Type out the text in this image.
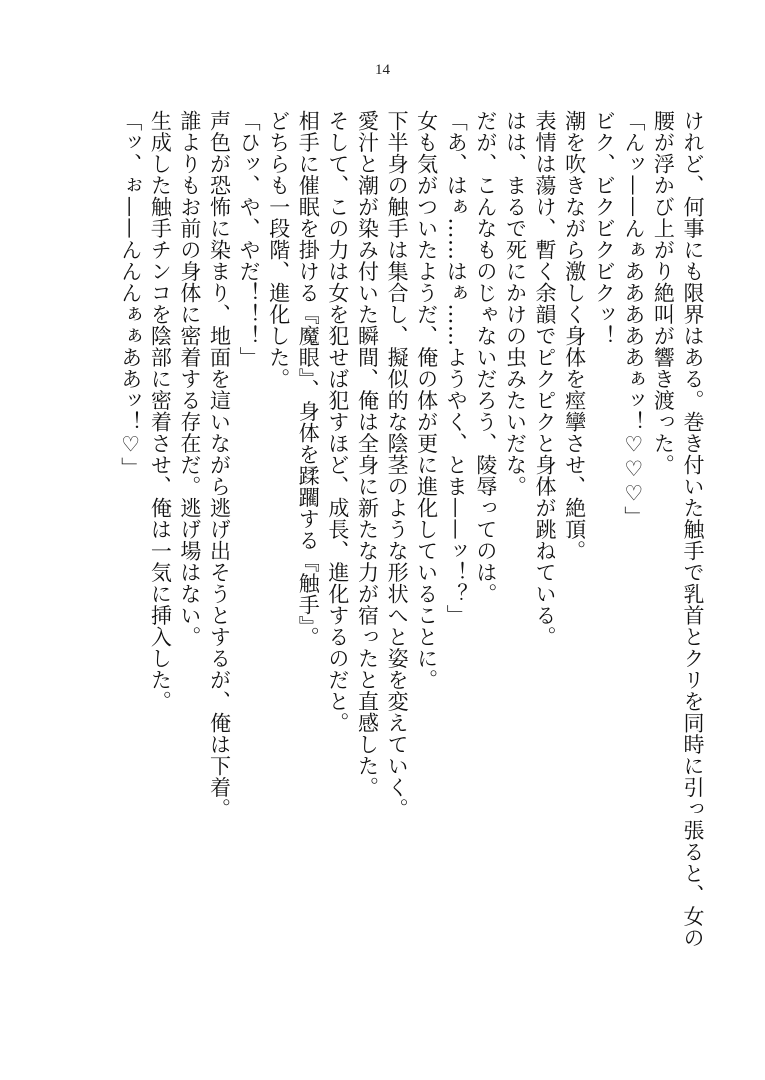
14
けれど、何事にも限界はある。巻き付いた触手で乳首とクリを同時に引っ張ると、女の
腰が浮かび上がり絶叫が響き渡った。
「んッ——んぁあああああぁッ！♡♡♡」
ビク、ビクビクビクッ！
潮を吹きながら激しく身体を痙攣させ、絶頂。
表情は蕩け、暫く余韻でピクピクと身体が跳ねている。
はは、まるで死にかけの虫みたいだな。
だが、こんなものじゃないだろう、陵辱ってのは。
「あ、はぁ……はぁ……ようやく、とま——ッ！？」
女も気がついたようだ、俺の体が更に進化していることに。
下半身の触手は集合し、擬似的な陰茎のような形状へと姿を変えていく。
愛汁と潮が染み付いた瞬間、俺は全身に新たな力が宿ったと直感した。
そして、この力は女を犯せば犯すほど、成長、進化するのだと。
相手に催眠を掛ける『魔眼』、身体を蹂躙する『触手』。
どちらも一段階、進化した。
「ひッ、や、やだ！！！」
声色が恐怖に染まり、地面を這いながら逃げ出そうとするが、俺は下着。
誰よりもお前の身体に密着する存在だ。逃げ場はない。
生成した触手チンコを陰部に密着させ、俺は一気に挿入した。
「ッ、ぉ——んんんぁぁああッ！♡」
